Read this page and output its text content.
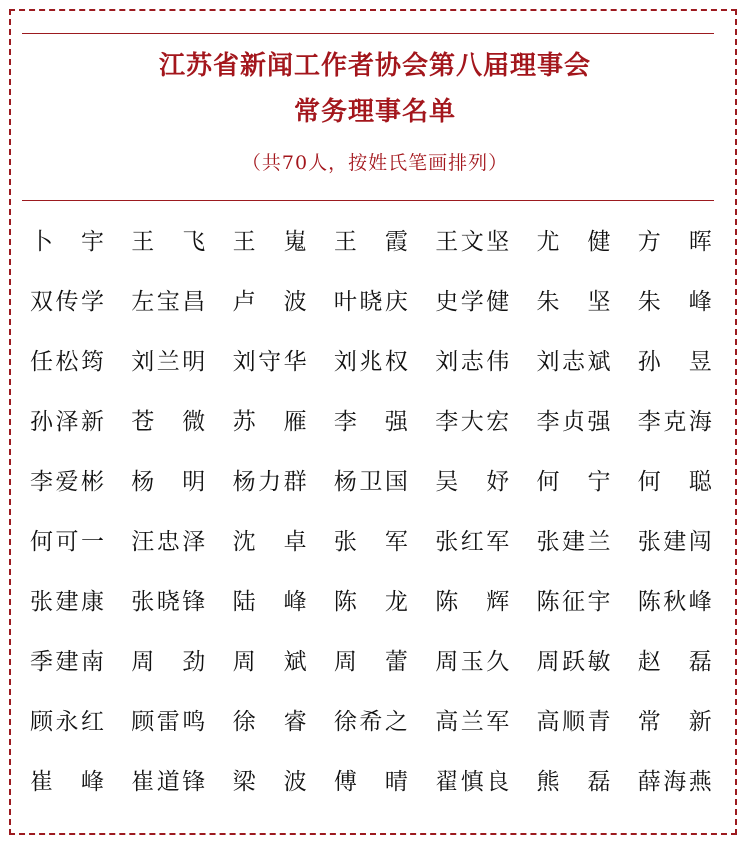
江苏省新闻工作者协会第八届理事会
常务理事名单
（共70人，按姓氏笔画排列）
卜 宇 王 飞 王 嵬 王 霞 王 文 坚 尤 健 方 晖
双 传 学 左 宝 昌 卢 波 叶 晓 庆 史 学 健 朱 坚 朱 峰
任 松 筠 刘 兰 明 刘 守 华 刘 兆 权 刘 志 伟 刘 志 斌 孙 昱
孙 泽 新 苍 微 苏 雁 李 强 李 大 宏 李 贞 强 李 克 海
李 爱 彬 杨 明 杨 力 群 杨 卫 国 吴 妤 何 宁 何 聪
何 可 一 汪 忠 泽 沈 卓 张 军 张 红 军 张 建 兰 张 建 闯
张 建 康 张 晓 锋 陆 峰 陈 龙 陈 辉 陈 征 宇 陈 秋 峰
季 建 南 周 劲 周 斌 周 蕾 周 玉 久 周 跃 敏 赵 磊
顾 永 红 顾 雷 鸣 徐 睿 徐 希 之 高 兰 军 高 顺 青 常 新
崔 峰 崔 道 锋 梁 波 傅 晴 翟 慎 良 熊 磊 薛 海 燕
